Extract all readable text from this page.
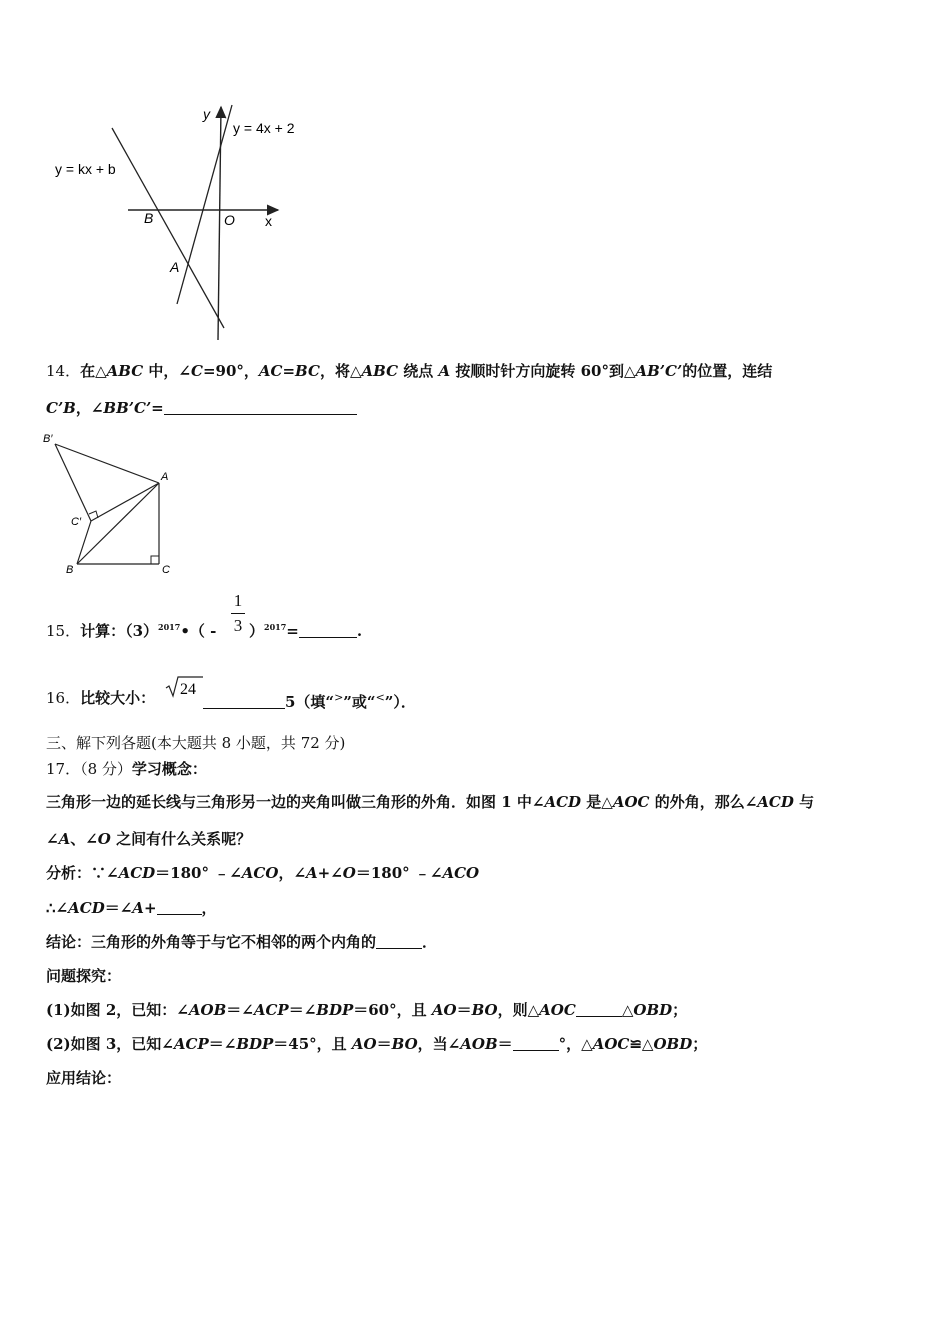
y
x
y = 4x + 2
y = kx + b
B	O
A
14．在△ABC 中，∠C=90°，AC=BC，将△ABC 绕点 A 按顺时针方向旋转 60°到△AB’C’的位置，连结
C’B，∠BB’C’=
B′
A
C′
B	C
15．计算：$(3)^{2017}•$（ -
1
3 ）$^{2017}$=	.
16．比较大小： 24
5（填“>”或“<”）．
三、解下列各题(本大题共 8 小题，共 72 分)
17．（8 分）学习概念：
三角形一边的延长线与三角形另一边的夹角叫做三角形的外角．如图 1 中∠ACD 是△AOC 的外角，那么∠ACD 与
∠A、∠O 之间有什么关系呢？
分析：∵∠ACD＝180° ﹣∠ACO，∠A+∠O＝180° ﹣∠ACO
∴∠ACD＝∠A+	，
结论：三角形的外角等于与它不相邻的两个内角的	．
问题探究：
(1)如图 2，已知：∠AOB＝∠ACP＝∠BDP＝60°，且 AO＝BO，则△AOC	△OBD；
(2)如图 3，已知∠ACP＝∠BDP＝45°，且 AO＝BO，当∠AOB＝	°，△AOC≌△OBD；
应用结论：
